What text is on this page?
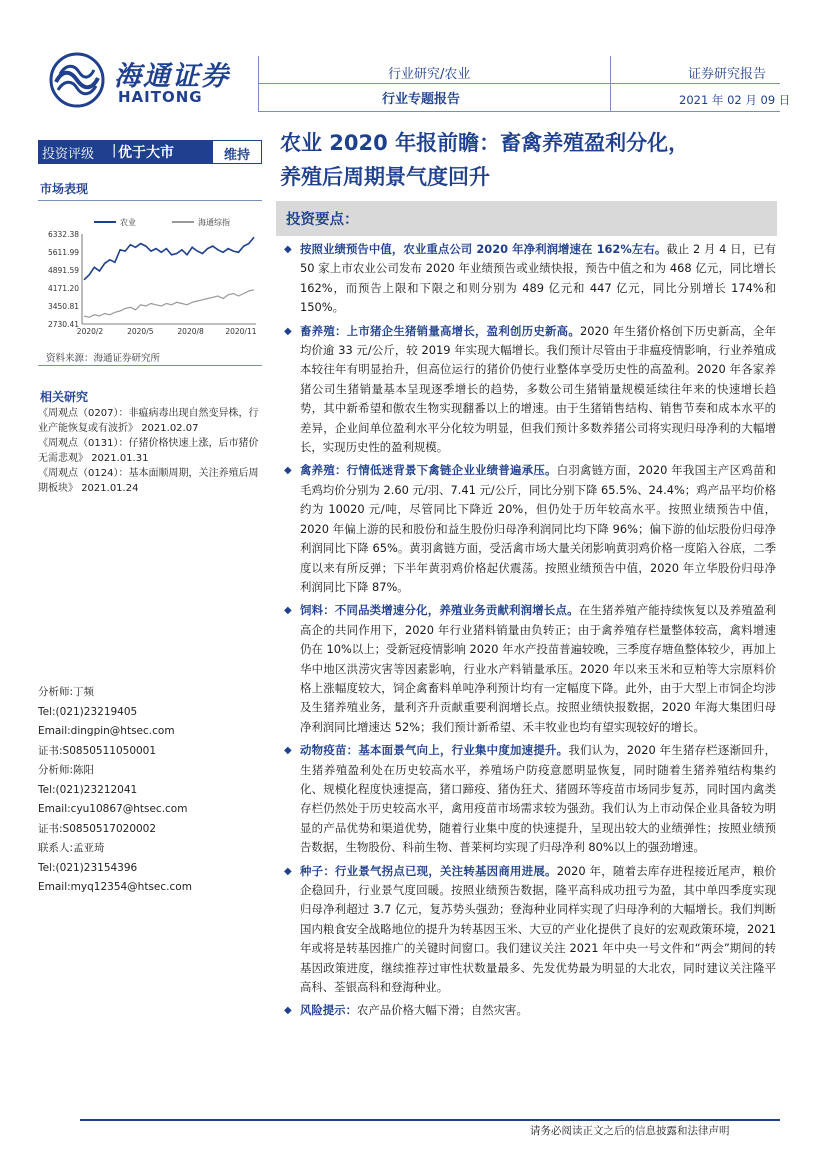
海通证券
HAITONG
行业研究/农业
行业专题报告
证券研究报告
2021 年 02 月 09 日
投资评级 | 优于大市	维持
市场表现
6332.38
5611.99
4891.59
4171.20
3450.81
2730.41
2020/2	2020/5	2020/8	2020/11
农业	海通综指
资料来源：海通证券研究所
相关研究
《周观点（0207）：非瘟病毒出现自然变异株，行业产能恢复或有波折》 2021.02.07
《周观点（0131）：仔猪价格快速上涨，后市猪价无需悲观》 2021.01.31
《周观点（0124）：基本面顺周期，关注养殖后周期板块》 2021.01.24
分析师:丁频
Tel:(021)23219405
Email:dingpin@htsec.com
证书:S0850511050001
分析师:陈阳
Tel:(021)23212041
Email:cyu10867@htsec.com
证书:S0850517020002
联系人:孟亚琦
Tel:(021)23154396
Email:myq12354@htsec.com
农业 2020 年报前瞻：畜禽养殖盈利分化，
养殖后周期景气度回升
投资要点：
◆ 按照业绩预告中值，农业重点公司 2020 年净利润增速在 162%左右。截止 2 月 4 日，已有 50 家上市农业公司发布 2020 年业绩预告或业绩快报，预告中值之和为 468 亿元，同比增长 162%，而预告上限和下限之和则分别为 489 亿元和 447 亿元，同比分别增长 174%和 150%。
◆ 畜养殖：上市猪企生猪销量高增长，盈利创历史新高。2020 年生猪价格创下历史新高，全年均价逾 33 元/公斤，较 2019 年实现大幅增长。我们预计尽管由于非瘟疫情影响，行业养殖成本较往年有明显抬升，但高位运行的猪价仍使行业整体享受历史性的高盈利。2020 年各家养猪公司生猪销量基本呈现逐季增长的趋势，多数公司生猪销量规模延续往年来的快速增长趋势，其中新希望和傲农生物实现翻番以上的增速。由于生猪销售结构、销售节奏和成本水平的差异，企业间单位盈利水平分化较为明显，但我们预计多数养猪公司将实现归母净利的大幅增长，实现历史性的盈利规模。
◆ 禽养殖：行情低迷背景下禽链企业业绩普遍承压。白羽禽链方面，2020 年我国主产区鸡苗和毛鸡均价分别为 2.60 元/羽、7.41 元/公斤，同比分别下降 65.5%、24.4%；鸡产品平均价格约为 10020 元/吨，尽管同比下降近 20%，但仍处于历年较高水平。按照业绩预告中值，2020 年偏上游的民和股份和益生股份归母净利润同比均下降 96%；偏下游的仙坛股份归母净利润同比下降 65%。黄羽禽链方面，受活禽市场大量关闭影响黄羽鸡价格一度陷入谷底，二季度以来有所反弹；下半年黄羽鸡价格起伏震荡。按照业绩预告中值，2020 年立华股份归母净利润同比下降 87%。
◆ 饲料：不同品类增速分化，养殖业务贡献利润增长点。在生猪养殖产能持续恢复以及养殖盈利高企的共同作用下，2020 年行业猪料销量由负转正；由于禽养殖存栏量整体较高，禽料增速仍在 10%以上；受新冠疫情影响 2020 年水产投苗普遍较晚，三季度存塘鱼整体较少，再加上华中地区洪涝灾害等因素影响，行业水产料销量承压。2020 年以来玉米和豆粕等大宗原料价格上涨幅度较大，饲企禽畜料单吨净利预计均有一定幅度下降。此外，由于大型上市饲企均涉及生猪养殖业务，量利齐升贡献重要利润增长点。按照业绩快报数据，2020 年海大集团归母净利润同比增速达 52%；我们预计新希望、禾丰牧业也均有望实现较好的增长。
◆ 动物疫苗：基本面景气向上，行业集中度加速提升。我们认为，2020 年生猪存栏逐渐回升，生猪养殖盈利处在历史较高水平，养殖场户防疫意愿明显恢复，同时随着生猪养殖结构集约化、规模化程度快速提高，猪口蹄疫、猪伪狂犬、猪圆环等疫苗市场同步复苏，同时国内禽类存栏仍然处于历史较高水平，禽用疫苗市场需求较为强劲。我们认为上市动保企业具备较为明显的产品优势和渠道优势，随着行业集中度的快速提升，呈现出较大的业绩弹性；按照业绩预告数据，生物股份、科前生物、普莱柯均实现了归母净利 80%以上的强劲增速。
◆ 种子：行业景气拐点已现，关注转基因商用进展。2020 年，随着去库存进程接近尾声，粮价企稳回升，行业景气度回暖。按照业绩预告数据，隆平高科成功扭亏为盈，其中单四季度实现归母净利超过 3.7 亿元，复苏势头强劲；登海种业同样实现了归母净利的大幅增长。我们判断国内粮食安全战略地位的提升为转基因玉米、大豆的产业化提供了良好的宏观政策环境，2021 年或将是转基因推广的关键时间窗口。我们建议关注 2021 年中央一号文件和“两会”期间的转基因政策进度，继续推荐过审性状数量最多、先发优势最为明显的大北农，同时建议关注隆平高科、荃银高科和登海种业。
◆ 风险提示：农产品价格大幅下滑；自然灾害。
请务必阅读正文之后的信息披露和法律声明
